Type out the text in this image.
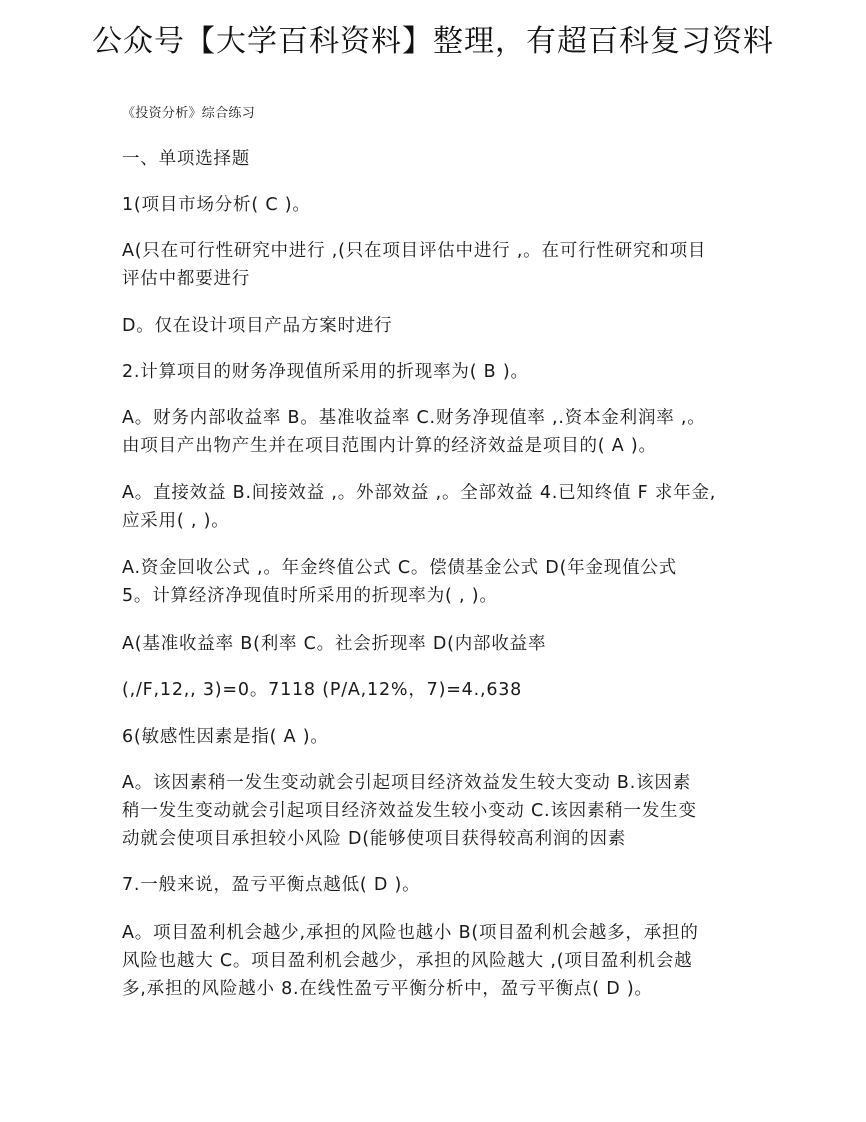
公众号【大学百科资料】整理，有超百科复习资料
《投资分析》综合练习
一、单项选择题
1(项目市场分析( C )。
A(只在可行性研究中进行 ,(只在项目评估中进行 ,。在可行性研究和项目
评估中都要进行
D。仅在设计项目产品方案时进行
2.计算项目的财务净现值所采用的折现率为( B )。
A。财务内部收益率 B。基准收益率 C.财务净现值率 ,.资本金利润率 ,。
由项目产出物产生并在项目范围内计算的经济效益是项目的( A )。
A。直接效益 B.间接效益 ,。外部效益 ,。全部效益 4.已知终值 F 求年金,
应采用( , )。
A.资金回收公式 ,。年金终值公式 C。偿债基金公式 D(年金现值公式
5。计算经济净现值时所采用的折现率为( , )。
A(基准收益率 B(利率 C。社会折现率 D(内部收益率
(,/F,12,, 3)=0。7118 (P/A,12%，7)=4.,638
6(敏感性因素是指( A )。
A。该因素稍一发生变动就会引起项目经济效益发生较大变动 B.该因素
稍一发生变动就会引起项目经济效益发生较小变动 C.该因素稍一发生变
动就会使项目承担较小风险 D(能够使项目获得较高利润的因素
7.一般来说，盈亏平衡点越低( D )。
A。项目盈利机会越少,承担的风险也越小 B(项目盈利机会越多，承担的
风险也越大 C。项目盈利机会越少，承担的风险越大 ,(项目盈利机会越
多,承担的风险越小 8.在线性盈亏平衡分析中，盈亏平衡点( D )。
